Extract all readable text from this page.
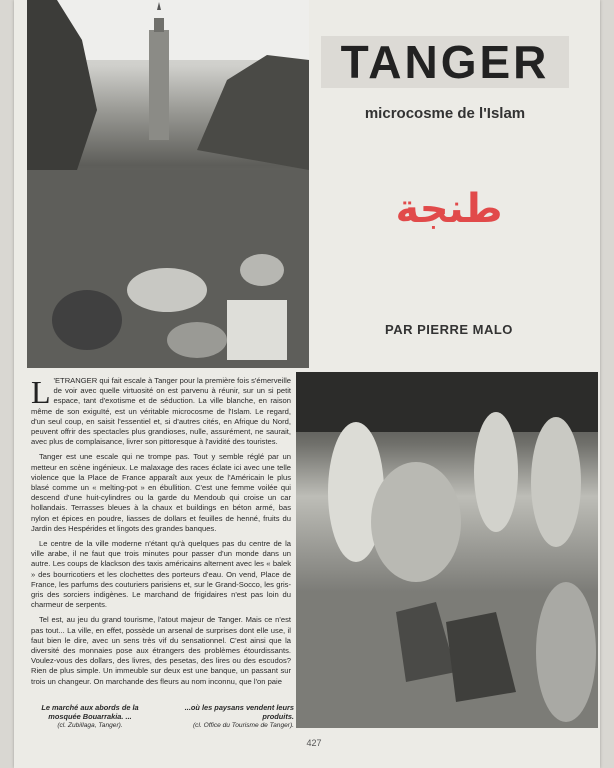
TANGER
microcosme de l'Islam
طنجة
PAR PIERRE MALO

L 'ETRANGER qui fait escale à Tanger pour la première fois s'émerveille de voir avec quelle virtuosité on est parvenu à réunir, sur un si petit espace, tant d'exotisme et de séduction. La ville blanche, en raison même de son exiguïté, est un véritable microcosme de l'Islam. Le regard, d'un seul coup, en saisit l'essentiel et, si d'autres cités, en Afrique du Nord, peuvent offrir des spectacles plus grandioses, nulle, assurément, ne saurait, avec plus de complaisance, livrer son pittoresque à l'avidité des touristes.

Tanger est une escale qui ne trompe pas. Tout y semble réglé par un metteur en scène ingénieux. Le malaxage des races éclate ici avec une telle violence que la Place de France apparaît aux yeux de l'Américain le plus blasé comme un « melting-pot » en ébullition. C'est une femme voilée qui descend d'une huit-cylindres ou la garde du Mendoub qui croise un car hollandais. Terrasses bleues à la chaux et buildings en béton armé, bas nylon et épices en poudre, liasses de dollars et feuilles de henné, fruits du Jardin des Hespérides et lingots des grandes banques.

Le centre de la ville moderne n'étant qu'à quelques pas du centre de la ville arabe, il ne faut que trois minutes pour passer d'un monde dans un autre. Les coups de klackson des taxis américains alternent avec les « balek » des bourricotiers et les clochettes des porteurs d'eau. On vend, Place de France, les parfums des couturiers parisiens et, sur le Grand-Socco, les gris-gris des sorciers indigènes. Le marchand de frigidaires n'est pas loin du charmeur de serpents.

Tel est, au jeu du grand tourisme, l'atout majeur de Tanger. Mais ce n'est pas tout... La ville, en effet, possède un arsenal de surprises dont elle use, il faut bien le dire, avec un sens très vif du sensationnel. C'est ainsi que la diversité des monnaies pose aux étrangers des problèmes étourdissants. Voulez-vous des dollars, des livres, des pesetas, des lires ou des escudos? Rien de plus simple. Un immeuble sur deux est une banque, un passant sur trois un changeur. On marchande des fleurs au nom inconnu, que l'on paie

Le marché aux abords de la mosquée Bouarrakia. ...
(cl. Zubillaga, Tanger).
...où les paysans vendent leurs produits.
(cl. Office du Tourisme de Tanger).
427
